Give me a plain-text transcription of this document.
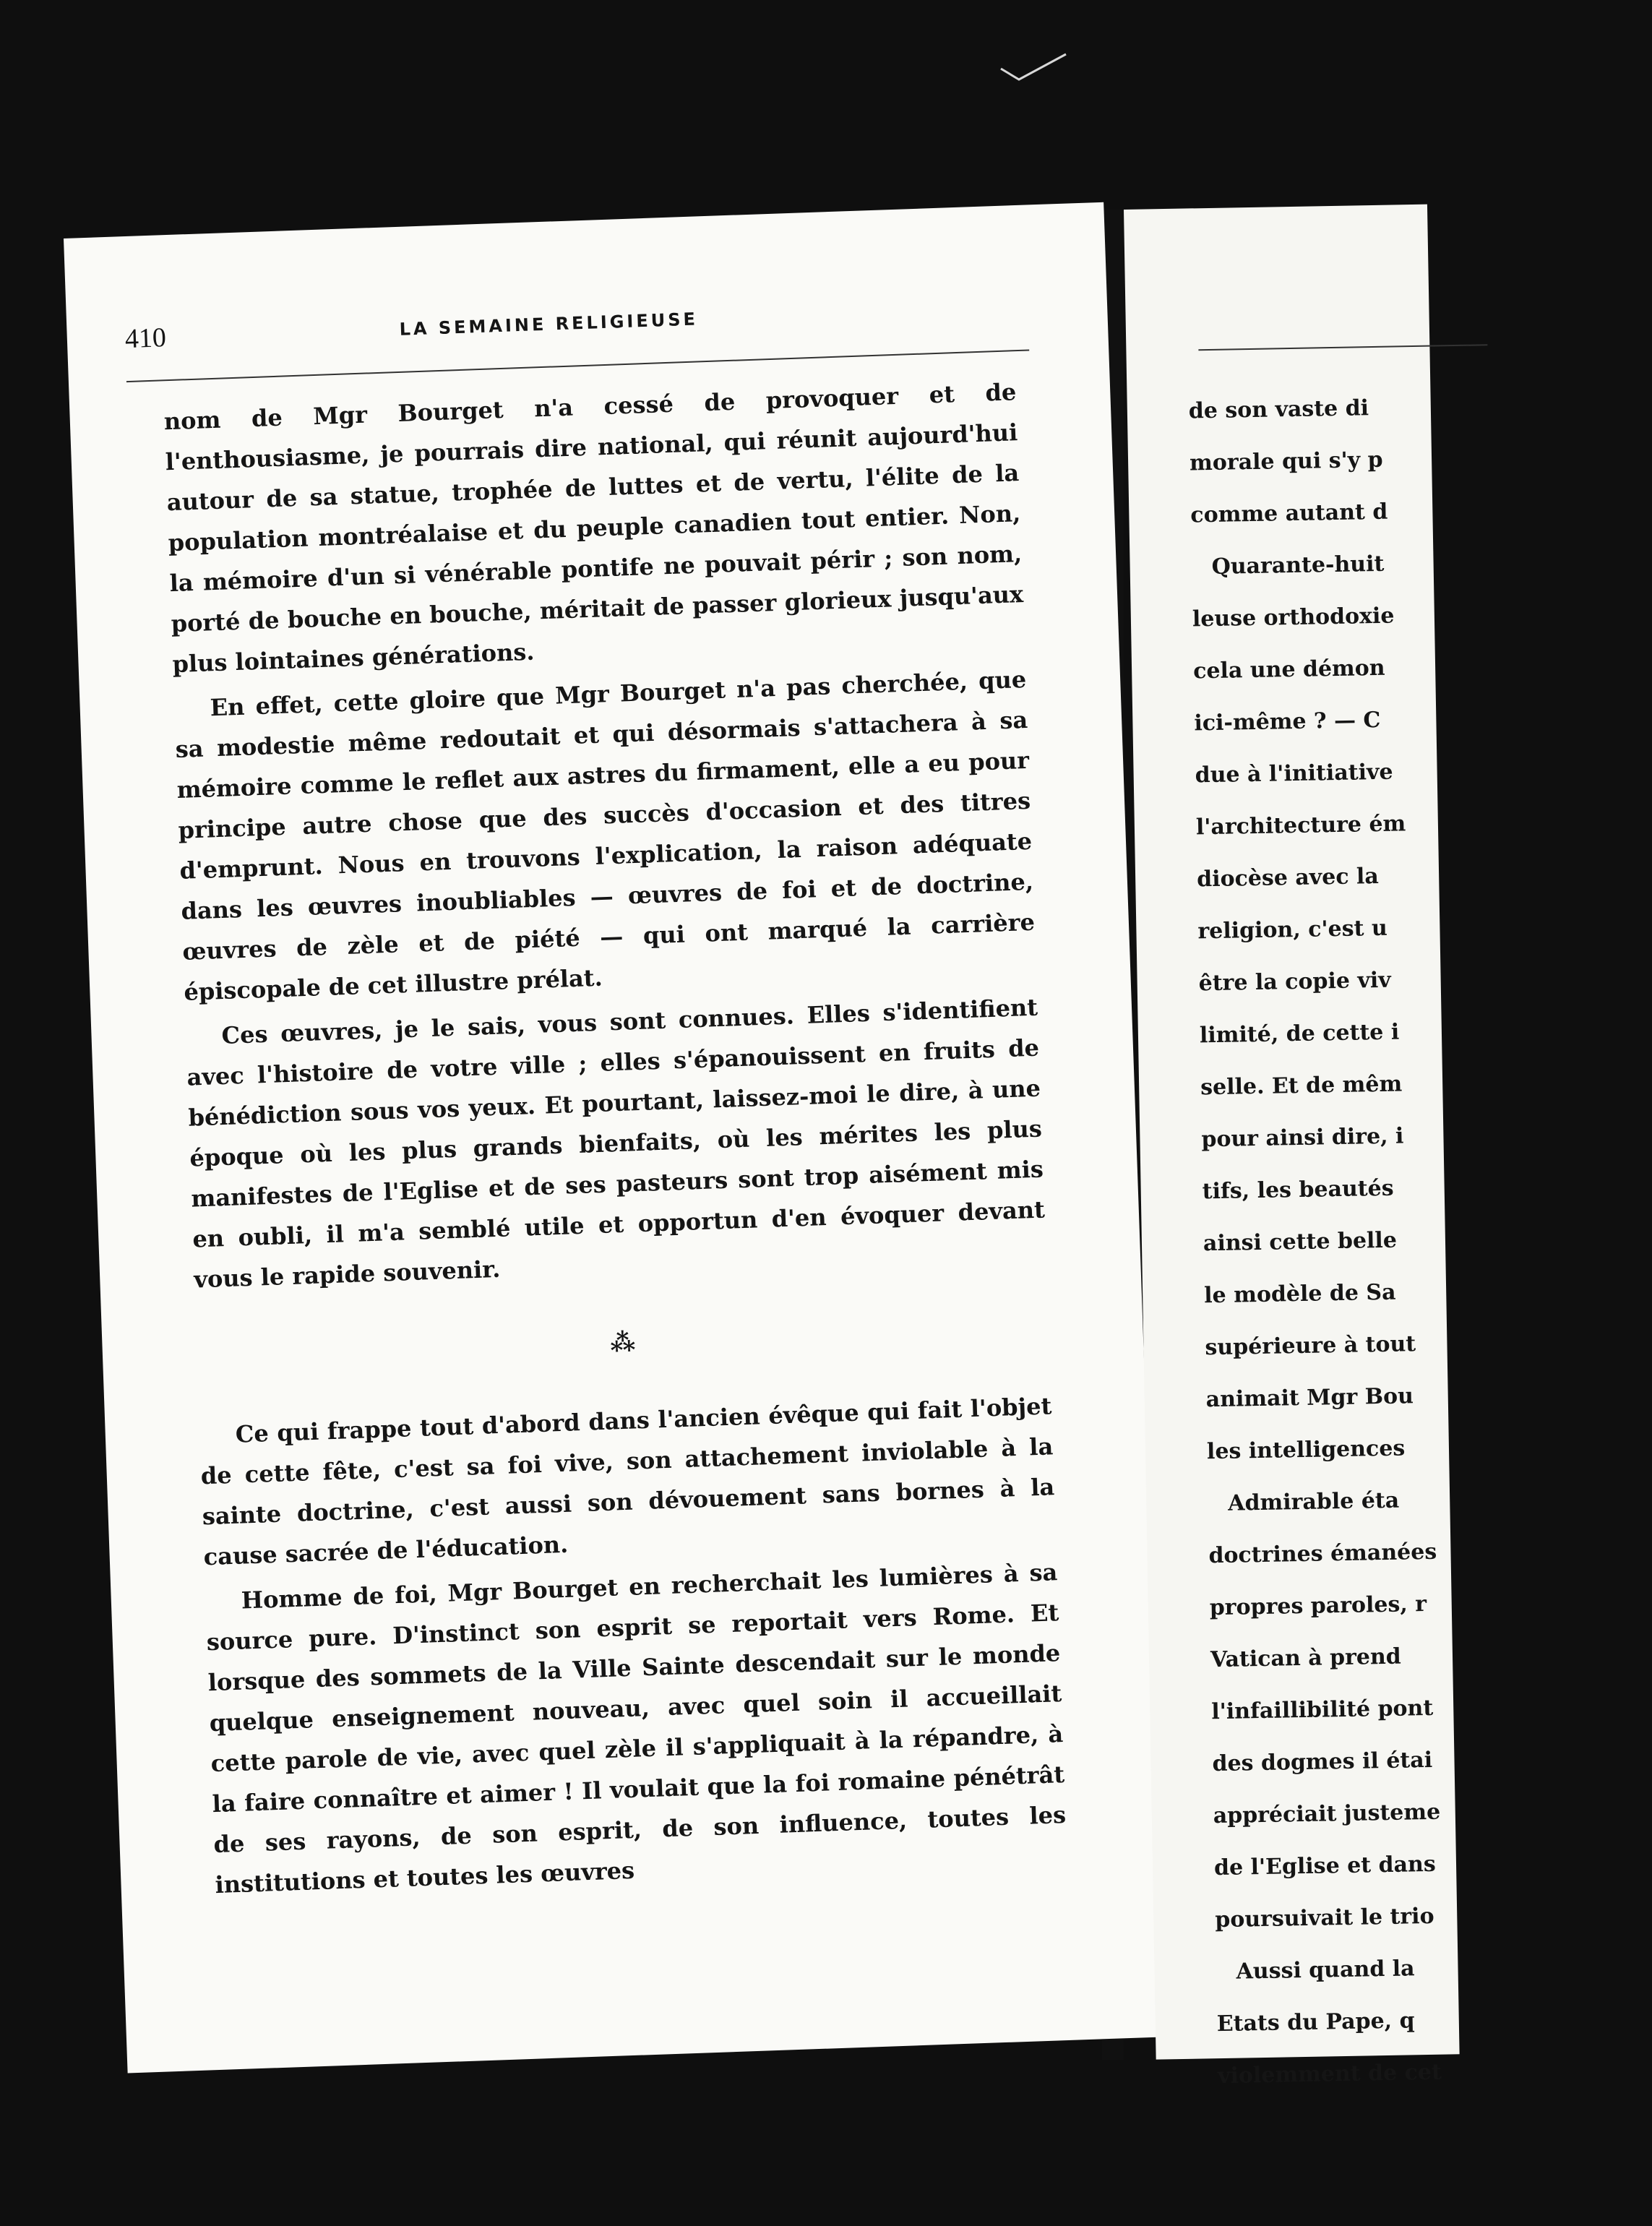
410	LA SEMAINE RELIGIEUSE

nom de Mgr Bourget n'a cessé de provoquer et de l'enthousiasme, je pourrais dire national, qui réunit aujourd'hui autour de sa statue, trophée de luttes et de vertu, l'élite de la population montréalaise et du peuple canadien tout entier. Non, la mémoire d'un si vénérable pontife ne pouvait périr ; son nom, porté de bouche en bouche, méritait de passer glorieux jusqu'aux plus lointaines générations.

En effet, cette gloire que Mgr Bourget n'a pas cherchée, que sa modestie même redoutait et qui désormais s'attachera à sa mémoire comme le reflet aux astres du firmament, elle a eu pour principe autre chose que des succès d'occasion et des titres d'emprunt. Nous en trouvons l'explication, la raison adéquate dans les œuvres inoubliables — œuvres de foi et de doctrine, œuvres de zèle et de piété — qui ont marqué la carrière épiscopale de cet illustre prélat.

Ces œuvres, je le sais, vous sont connues. Elles s'identifient avec l'histoire de votre ville ; elles s'épanouissent en fruits de bénédiction sous vos yeux. Et pourtant, laissez-moi le dire, à une époque où les plus grands bienfaits, où les mérites les plus manifestes de l'Eglise et de ses pasteurs sont trop aisément mis en oubli, il m'a semblé utile et opportun d'en évoquer devant vous le rapide souvenir.

⁂

Ce qui frappe tout d'abord dans l'ancien évêque qui fait l'objet de cette fête, c'est sa foi vive, son attachement inviolable à la sainte doctrine, c'est aussi son dévouement sans bornes à la cause sacrée de l'éducation.

Homme de foi, Mgr Bourget en recherchait les lumières à sa source pure. D'instinct son esprit se reportait vers Rome. Et lorsque des sommets de la Ville Sainte descendait sur le monde quelque enseignement nouveau, avec quel soin il accueillait cette parole de vie, avec quel zèle il s'appliquait à la répandre, à la faire connaître et aimer ! Il voulait que la foi romaine pénétrât de ses rayons, de son esprit, de son influence, toutes les institutions et toutes les œuvres

de son vaste di
morale qui s'y p
comme autant d
Quarante-huit
leuse orthodoxie
cela une démon
ici-même ? — C
due à l'initiative
l'architecture ém
diocèse avec la
religion, c'est u
être la copie viv
limité, de cette i
selle. Et de mêm
pour ainsi dire, i
tifs, les beautés
ainsi cette belle
le modèle de Sa
supérieure à tout
animait Mgr Bou
les intelligences
Admirable éta
doctrines émanées
propres paroles, r
Vatican à prend
l'infaillibilité pont
des dogmes il étai
appréciait justeme
de l'Eglise et dans
poursuivait le trio
Aussi quand la
Etats du Pape, q
violemment de cet
